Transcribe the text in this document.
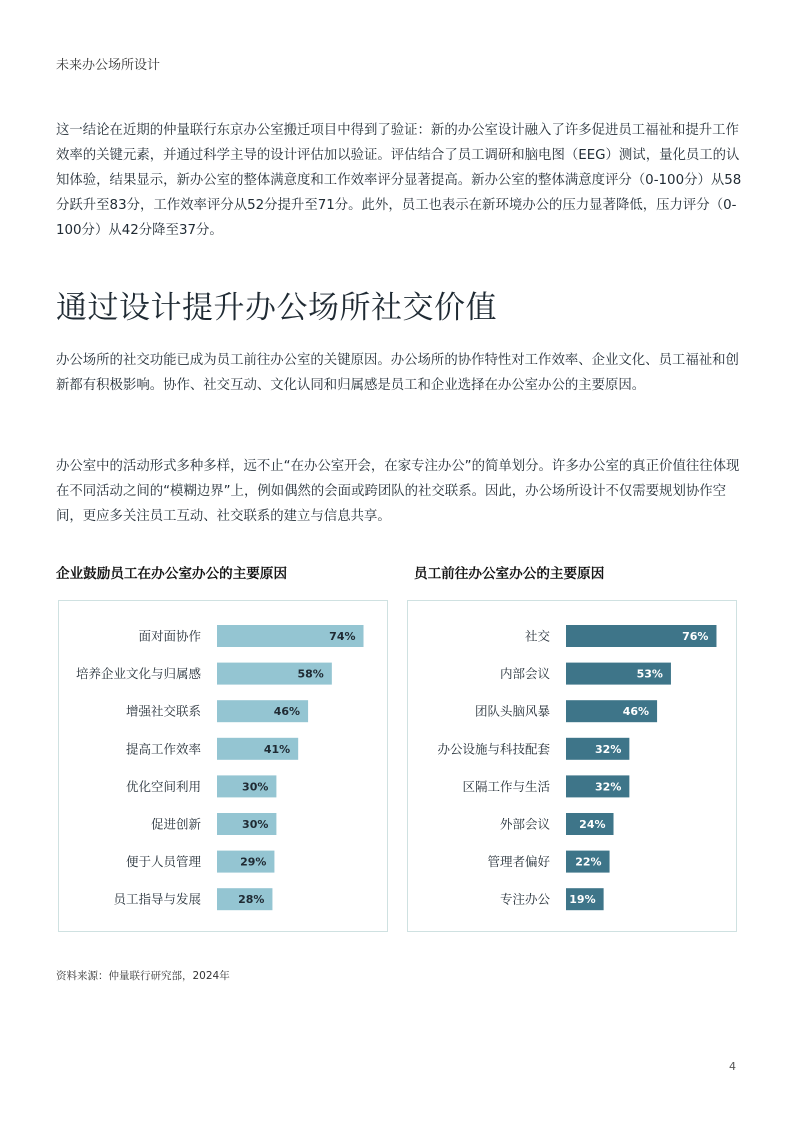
未来办公场所设计

这一结论在近期的仲量联行东京办公室搬迁项目中得到了验证：新的办公室设计融入了许多促进员工福祉和提升工作效率的关键元素，并通过科学主导的设计评估加以验证。评估结合了员工调研和脑电图（EEG）测试，量化员工的认知体验，结果显示，新办公室的整体满意度和工作效率评分显著提高。新办公室的整体满意度评分（0-100分）从58分跃升至83分，工作效率评分从52分提升至71分。此外，员工也表示在新环境办公的压力显著降低，压力评分（0-100分）从42分降至37分。

通过设计提升办公场所社交价值

办公场所的社交功能已成为员工前往办公室的关键原因。办公场所的协作特性对工作效率、企业文化、员工福祉和创新都有积极影响。协作、社交互动、文化认同和归属感是员工和企业选择在办公室办公的主要原因。

办公室中的活动形式多种多样，远不止“在办公室开会，在家专注办公”的简单划分。许多办公室的真正价值往往体现在不同活动之间的“模糊边界”上，例如偶然的会面或跨团队的社交联系。因此，办公场所设计不仅需要规划协作空间，更应多关注员工互动、社交联系的建立与信息共享。

企业鼓励员工在办公室办公的主要原因	员工前往办公室办公的主要原因
面对面协作	74%
培养企业文化与归属感	58%
增强社交联系	46%
提高工作效率	41%
优化空间利用	30%
促进创新	30%
便于人员管理	29%
员工指导与发展	28%
社交	76%
内部会议	53%
团队头脑风暴	46%
办公设施与科技配套	32%
区隔工作与生活	32%
外部会议	24%
管理者偏好 22%
专注办公 19%
资料来源：仲量联行研究部，2024年
4
